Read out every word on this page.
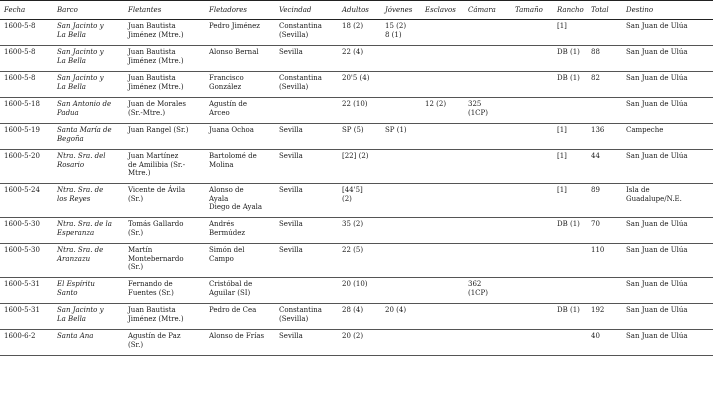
Fecha	Barco	Fletantes	Fletadores	Vecindad	Adultos	Jóvenes	Esclavos	Cámara	Tamaño	Rancho	Total	Destino
1600-5-8	San Jacinto y
La Bella	Juan Bautista
Jiménez (Mtre.)	Pedro Jiménez	Constantina
(Sevilla)	18 (2)	15 (2)
8 (1)				[1]		San Juan de Ulúa
1600-5-8	San Jacinto y
La Bella	Juan Bautista
Jiménez (Mtre.)	Alonso Bernal	Sevilla	22 (4)					DB (1)	88	San Juan de Ulúa
1600-5-8	San Jacinto y
La Bella	Juan Bautista
Jiménez (Mtre.)	Francisco
González	Constantina
(Sevilla)	20'5 (4)					DB (1)	82	San Juan de Ulúa
1600-5-18	San Antonio de
Padua	Juan de Morales
(Sr.-Mtre.)	Agustín de
Arceo		22 (10)		12 (2)	325
(1CP)				San Juan de Ulúa
1600-5-19	Santa María de
Begoña	Juan Rangel (Sr.)	Juana Ochoa	Sevilla	SP (5)	SP (1)				[1]	136	Campeche
1600-5-20	Ntra. Sra. del
Rosario	Juan Martínez
de Amilibia (Sr.-
Mtre.)	Bartolomé de
Molina	Sevilla	[22] (2)					[1]	44	San Juan de Ulúa
1600-5-24	Ntra. Sra. de
los Reyes	Vicente de Ávila
(Sr.)	Alonso de
Ayala
Diego de Ayala	Sevilla	[44'5]
(2)					[1]	89	Isla de
Guadalupe/N.E.
1600-5-30	Ntra. Sra. de la
Esperanza	Tomás Gallardo
(Sr.)	Andrés
Bermúdez	Sevilla	35 (2)					DB (1)	70	San Juan de Ulúa
1600-5-30	Ntra. Sra. de
Aranzazu	Martín
Montebernardo
(Sr.)	Simón del
Campo	Sevilla	22 (5)						110	San Juan de Ulúa
1600-5-31	El Espíritu
Santo	Fernando de
Fuentes (Sr.)	Cristóbal de
Aguilar (SI)		20 (10)			362
(1CP)				San Juan de Ulúa
1600-5-31	San Jacinto y
La Bella	Juan Bautista
Jiménez (Mtre.)	Pedro de Cea	Constantina
(Sevilla)	28 (4)	20 (4)				DB (1)	192	San Juan de Ulúa
1600-6-2	Santa Ana	Agustín de Paz
(Sr.)	Alonso de Frías	Sevilla	20 (2)						40	San Juan de Ulúa
